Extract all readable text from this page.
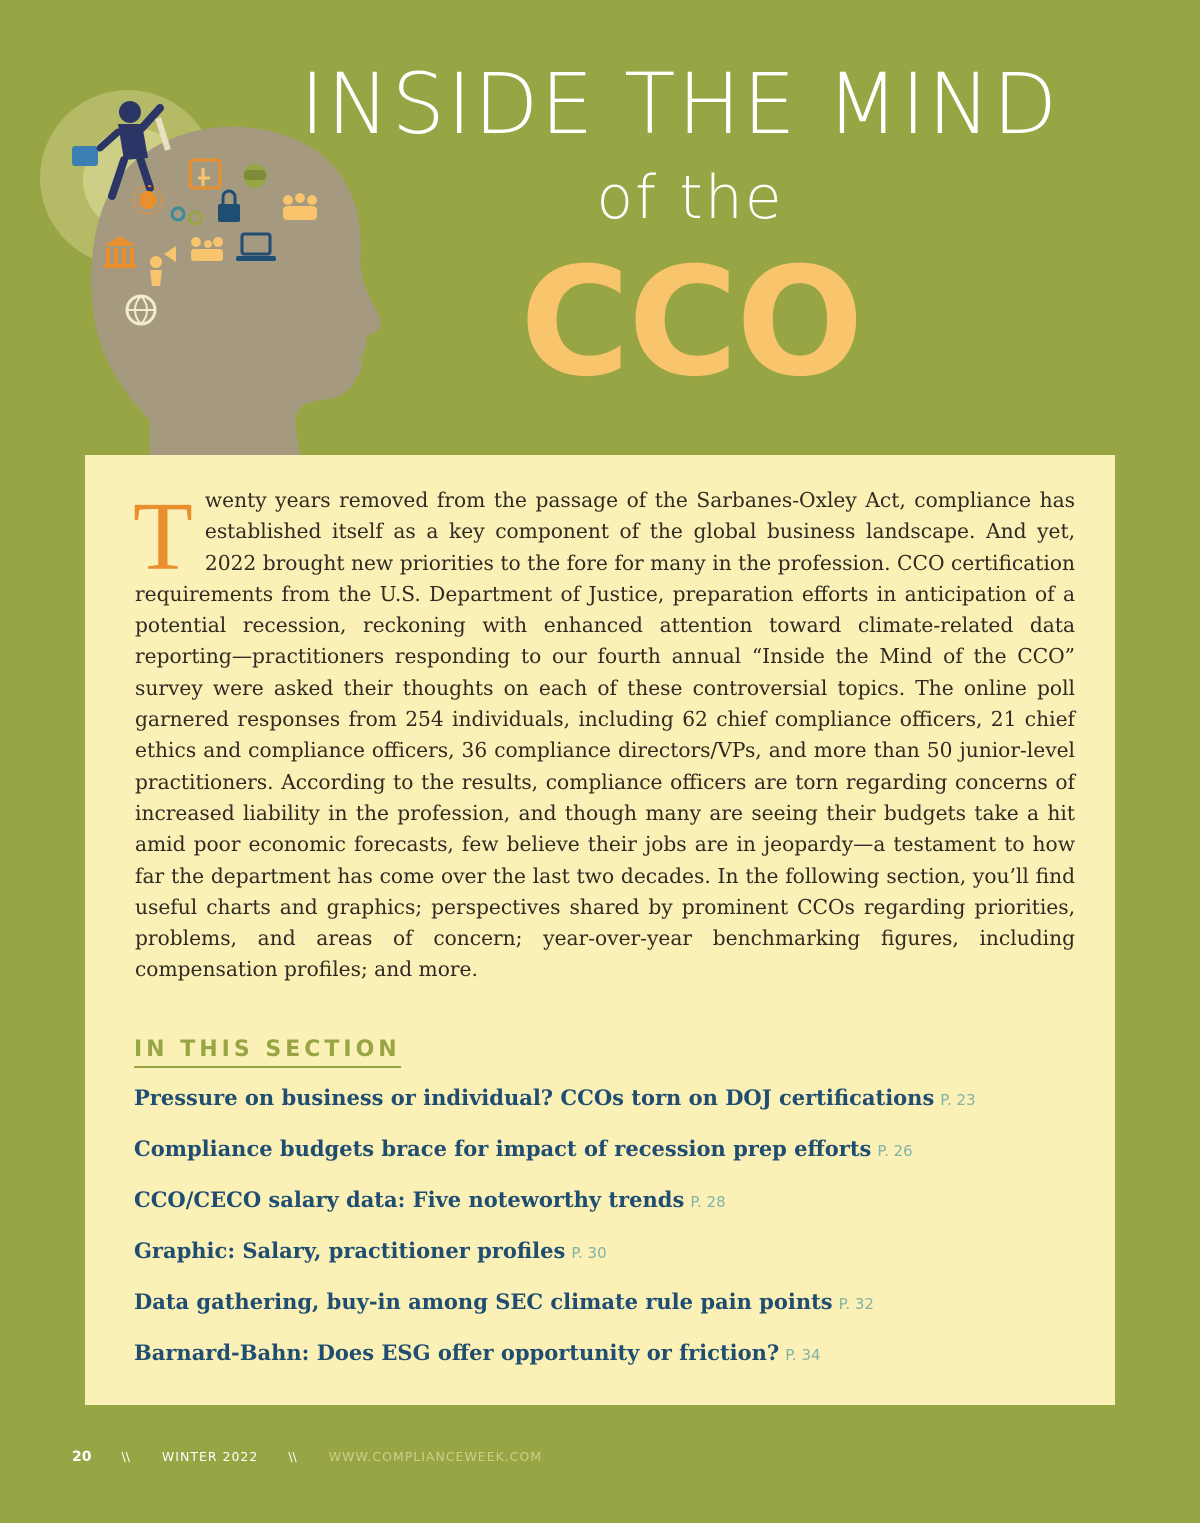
INSIDE THE MIND
of the
CCO

Twenty years removed from the passage of the Sarbanes-Oxley Act, compliance has established itself as a key component of the global business landscape. And yet, 2022 brought new priorities to the fore for many in the profession. CCO certification requirements from the U.S. Department of Justice, preparation efforts in anticipation of a potential recession, reckoning with enhanced attention toward climate-related data reporting—practitioners responding to our fourth annual “Inside the Mind of the CCO” survey were asked their thoughts on each of these controversial topics. The online poll garnered responses from 254 individuals, including 62 chief compliance officers, 21 chief ethics and compliance officers, 36 compliance directors/VPs, and more than 50 junior-level practitioners. According to the results, compliance officers are torn regarding concerns of increased liability in the profession, and though many are seeing their budgets take a hit amid poor economic forecasts, few believe their jobs are in jeopardy—a testament to how far the department has come over the last two decades. In the following section, you’ll find useful charts and graphics; perspectives shared by prominent CCOs regarding priorities, problems, and areas of concern; year-over-year benchmarking figures, including compensation profiles; and more.

IN THIS SECTION
Pressure on business or individual? CCOs torn on DOJ certifications P. 23
Compliance budgets brace for impact of recession prep efforts P. 26
CCO/CECO salary data: Five noteworthy trends P. 28
Graphic: Salary, practitioner profiles P. 30
Data gathering, buy-in among SEC climate rule pain points P. 32
Barnard-Bahn: Does ESG offer opportunity or friction? P. 34
20 \\	WINTER 2022 \\	WWW.COMPLIANCEWEEK.COM
